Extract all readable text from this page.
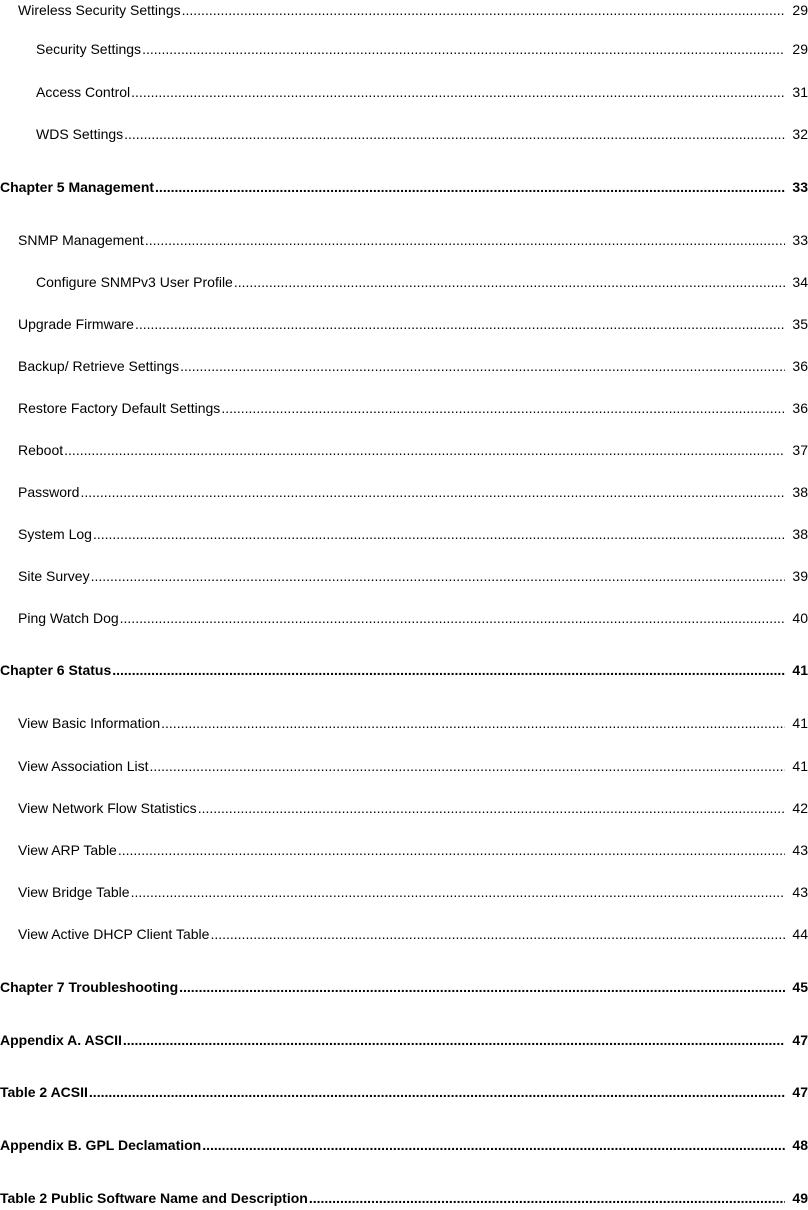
Wireless Security Settings .....	29
Security Settings .....	29
Access Control .....	31
WDS Settings .....	32
Chapter 5 Management .....	33
SNMP Management .....	33
Configure SNMPv3 User Profile .....	34
Upgrade Firmware .....	35
Backup/ Retrieve Settings .....	36
Restore Factory Default Settings .....	36
Reboot .....	37
Password .....	38
System Log .....	38
Site Survey .....	39
Ping Watch Dog .....	40
Chapter 6 Status .....	41
View Basic Information .....	41
View Association List .....	41
View Network Flow Statistics .....	42
View ARP Table .....	43
View Bridge Table .....	43
View Active DHCP Client Table .....	44
Chapter 7 Troubleshooting .....	45
Appendix A. ASCII .....	47
Table 2 ACSII .....	47
Appendix B. GPL Declamation .....	48
Table 2 Public Software Name and Description .....	49
